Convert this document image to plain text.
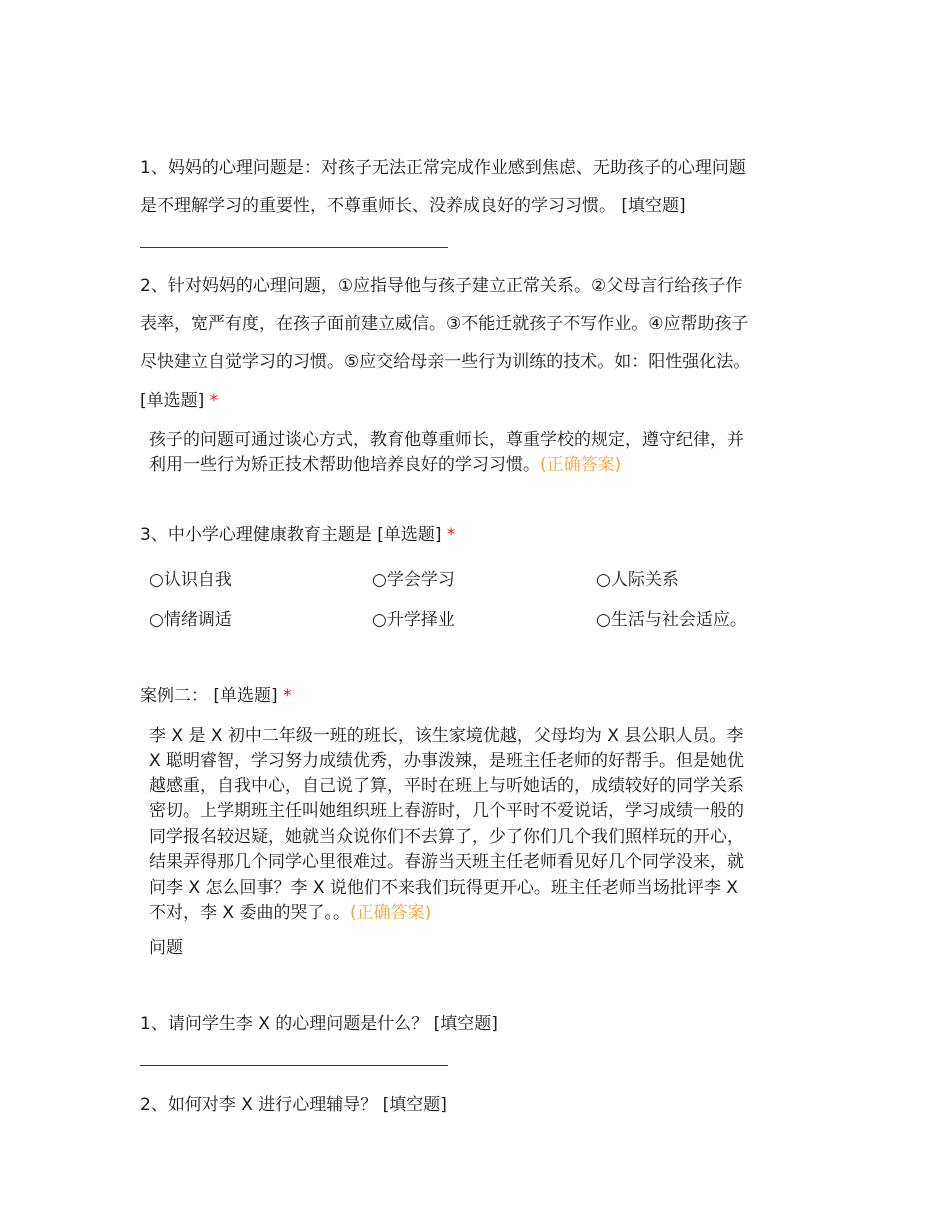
1、妈妈的心理问题是：对孩子无法正常完成作业感到焦虑、无助孩子的心理问题
是不理解学习的重要性，不尊重师长、没养成良好的学习习惯。 [填空题]
2、针对妈妈的心理问题，①应指导他与孩子建立正常关系。②父母言行给孩子作
表率，宽严有度，在孩子面前建立威信。③不能迁就孩子不写作业。④应帮助孩子
尽快建立自觉学习的习惯。⑤应交给母亲一些行为训练的技术。如：阳性强化法。
[单选题] *
孩子的问题可通过谈心方式，教育他尊重师长，尊重学校的规定，遵守纪律，并
利用一些行为矫正技术帮助他培养良好的学习习惯。(正确答案)
3、中小学心理健康教育主题是 [单选题] *
○认识自我	○学会学习	○人际关系
○情绪调适	○升学择业	○生活与社会适应。
案例二： [单选题] *
李 X 是 X 初中二年级一班的班长，该生家境优越，父母均为 X 县公职人员。李
X 聪明睿智，学习努力成绩优秀，办事泼辣，是班主任老师的好帮手。但是她优
越感重，自我中心，自己说了算，平时在班上与听她话的，成绩较好的同学关系
密切。上学期班主任叫她组织班上春游时，几个平时不爱说话，学习成绩一般的
同学报名较迟疑，她就当众说你们不去算了，少了你们几个我们照样玩的开心，
结果弄得那几个同学心里很难过。春游当天班主任老师看见好几个同学没来，就
问李 X 怎么回事？李 X 说他们不来我们玩得更开心。班主任老师当场批评李 X
不对，李 X 委曲的哭了。。(正确答案)
问题
1、请问学生李 X 的心理问题是什么？ [填空题]
2、如何对李 X 进行心理辅导？ [填空题]
